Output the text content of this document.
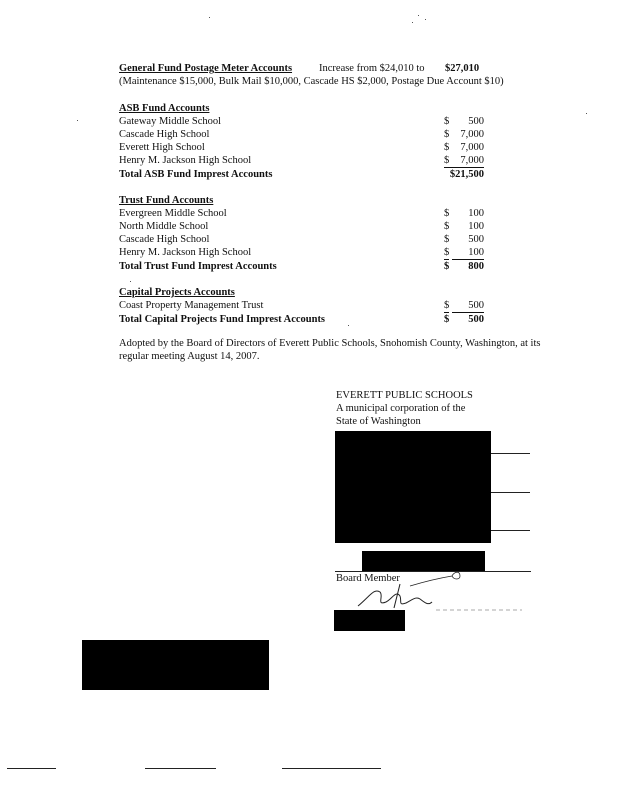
General Fund Postage Meter Accounts	Increase from $24,010 to $27,010
(Maintenance $15,000, Bulk Mail $10,000, Cascade HS $2,000, Postage Due Account $10)
ASB Fund Accounts
Gateway Middle School	$ 500
Cascade High School	$ 7,000
Everett High School	$ 7,000
Henry M. Jackson High School	$	7,000
Total ASB Fund Imprest Accounts	$21,500
Trust Fund Accounts
Evergreen Middle School	$ 100
North Middle School	$ 100
Cascade High School	$ 500
Henry M. Jackson High School	$	100
Total Trust Fund Imprest Accounts	$ 800
Capital Projects Accounts
Coast Property Management Trust	$	500
Total Capital Projects Fund Imprest Accounts	$ 500
Adopted by the Board of Directors of Everett Public Schools, Snohomish County, Washington, at its
regular meeting August 14, 2007.
EVERETT PUBLIC SCHOOLS
A municipal corporation of the
State of Washington
Board Member
